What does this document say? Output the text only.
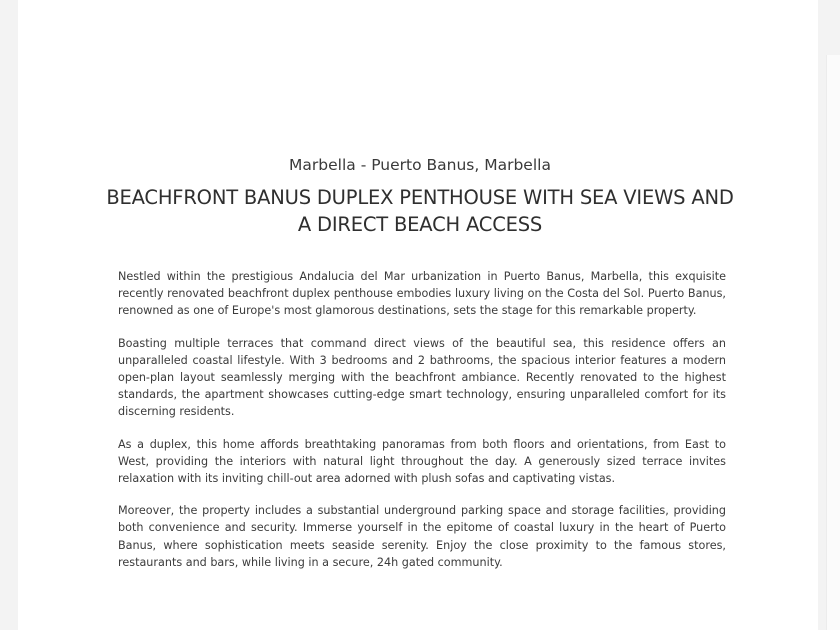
Marbella - Puerto Banus, Marbella
BEACHFRONT BANUS DUPLEX PENTHOUSE WITH SEA VIEWS AND A DIRECT BEACH ACCESS

Nestled within the prestigious Andalucia del Mar urbanization in Puerto Banus, Marbella, this exquisite recently renovated beachfront duplex penthouse embodies luxury living on the Costa del Sol. Puerto Banus, renowned as one of Europe's most glamorous destinations, sets the stage for this remarkable property.

Boasting multiple terraces that command direct views of the beautiful sea, this residence offers an unparalleled coastal lifestyle. With 3 bedrooms and 2 bathrooms, the spacious interior features a modern open-plan layout seamlessly merging with the beachfront ambiance. Recently renovated to the highest standards, the apartment showcases cutting-edge smart technology, ensuring unparalleled comfort for its discerning residents.

As a duplex, this home affords breathtaking panoramas from both floors and orientations, from East to West, providing the interiors with natural light throughout the day. A generously sized terrace invites relaxation with its inviting chill-out area adorned with plush sofas and captivating vistas.

Moreover, the property includes a substantial underground parking space and storage facilities, providing both convenience and security. Immerse yourself in the epitome of coastal luxury in the heart of Puerto Banus, where sophistication meets seaside serenity. Enjoy the close proximity to the famous stores, restaurants and bars, while living in a secure, 24h gated community.
